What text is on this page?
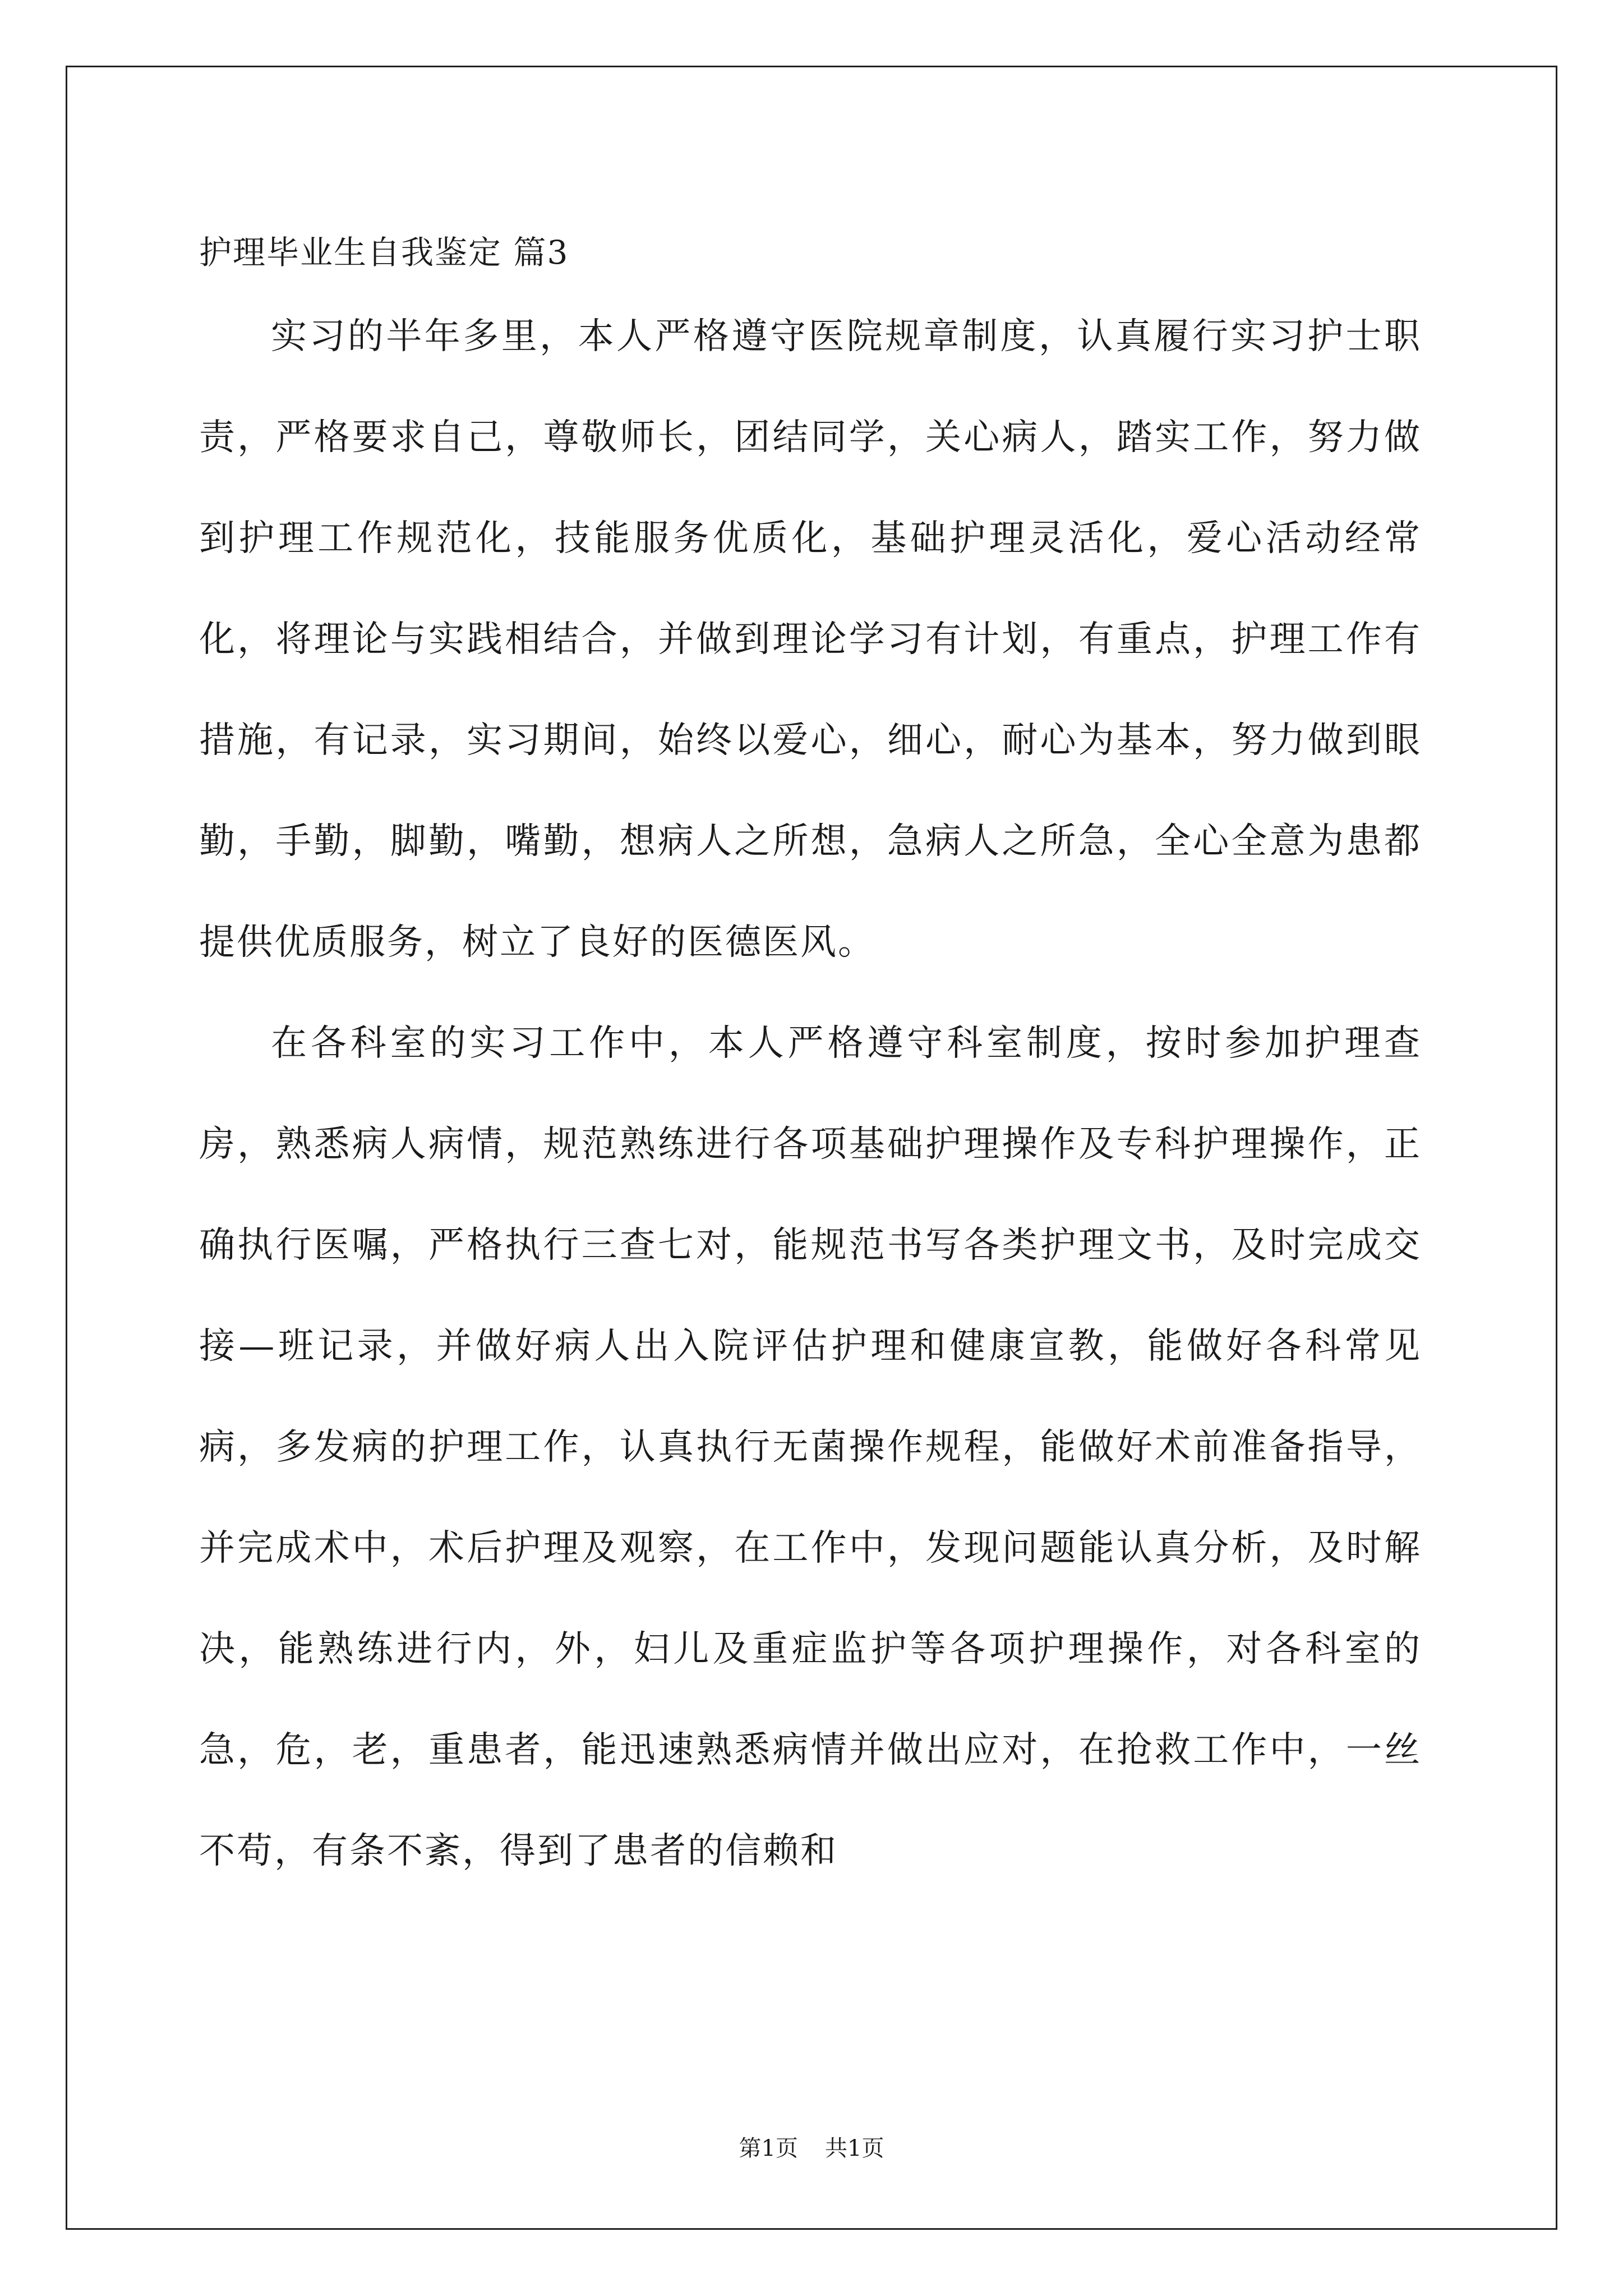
护理毕业生自我鉴定 篇3

实习的半年多里，本人严格遵守医院规章制度，认真履行实习护士职责，严格要求自己，尊敬师长，团结同学，关心病人，踏实工作，努力做到护理工作规范化，技能服务优质化，基础护理灵活化，爱心活动经常化，将理论与实践相结合，并做到理论学习有计划，有重点，护理工作有措施，有记录，实习期间，始终以爱心，细心，耐心为基本，努力做到眼勤，手勤，脚勤，嘴勤，想病人之所想，急病人之所急，全心全意为患都提供优质服务，树立了良好的医德医风。

在各科室的实习工作中，本人严格遵守科室制度，按时参加护理查房，熟悉病人病情，规范熟练进行各项基础护理操作及专科护理操作，正确执行医嘱，严格执行三查七对，能规范书写各类护理文书，及时完成交接—班记录，并做好病人出入院评估护理和健康宣教，能做好各科常见病，多发病的护理工作，认真执行无菌操作规程，能做好术前准备指导，并完成术中，术后护理及观察，在工作中，发现问题能认真分析，及时解决，能熟练进行内，外，妇儿及重症监护等各项护理操作，对各科室的急，危，老，重患者，能迅速熟悉病情并做出应对，在抢救工作中，一丝不苟，有条不紊，得到了患者的信赖和

第1页 共1页
